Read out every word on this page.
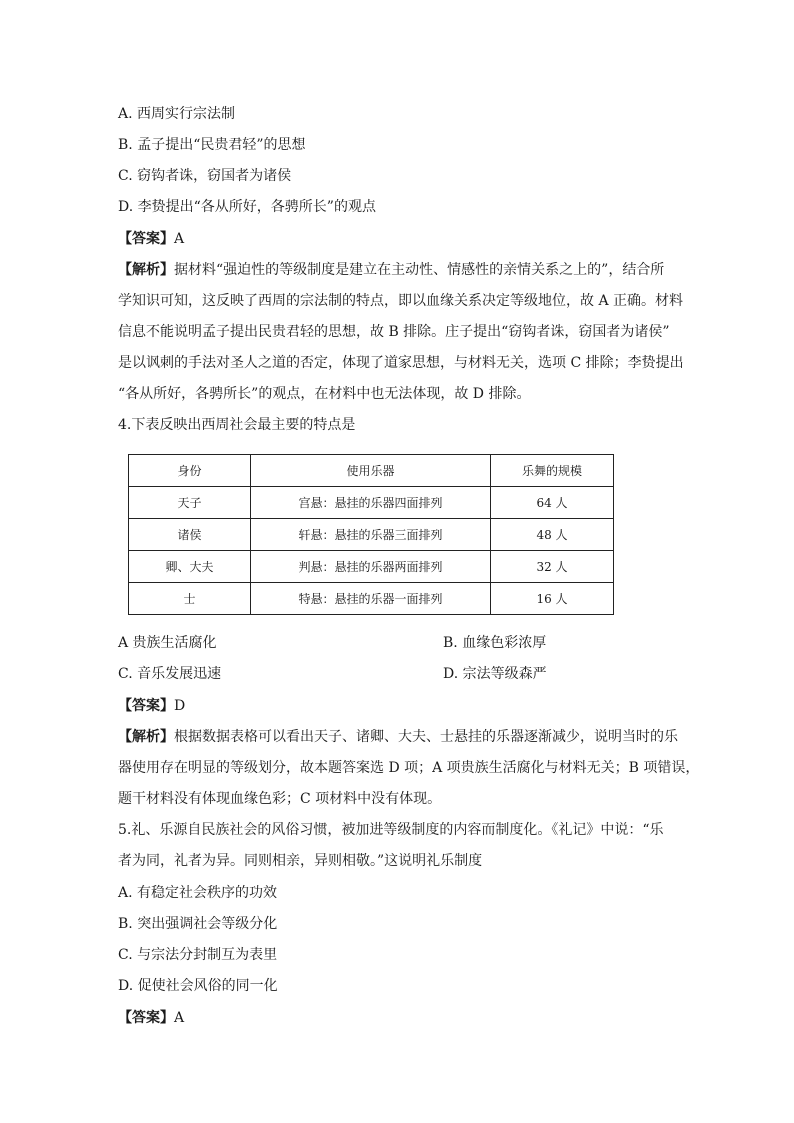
A. 西周实行宗法制
B. 孟子提出“民贵君轻”的思想
C. 窃钩者诛，窃国者为诸侯
D. 李贽提出“各从所好，各骋所长”的观点
【答案】A
【解析】据材料“强迫性的等级制度是建立在主动性、情感性的亲情关系之上的”，结合所
学知识可知，这反映了西周的宗法制的特点，即以血缘关系决定等级地位，故 A 正确。材料
信息不能说明孟子提出民贵君轻的思想，故 B 排除。庄子提出“窃钩者诛，窃国者为诸侯”
是以讽刺的手法对圣人之道的否定，体现了道家思想，与材料无关，选项 C 排除；李贽提出
“各从所好，各骋所长”的观点，在材料中也无法体现，故 D 排除。
4.下表反映出西周社会最主要的特点是
身份	使用乐器	乐舞的规模
天子	宫悬：悬挂的乐器四面排列	64 人
诸侯	轩悬：悬挂的乐器三面排列	48 人
卿、大夫	判悬：悬挂的乐器两面排列	32 人
士	特悬：悬挂的乐器一面排列	16 人
A 贵族生活腐化	B. 血缘色彩浓厚
C. 音乐发展迅速	D. 宗法等级森严
【答案】D
【解析】根据数据表格可以看出天子、诸卿、大夫、士悬挂的乐器逐渐减少，说明当时的乐
器使用存在明显的等级划分，故本题答案选 D 项；A 项贵族生活腐化与材料无关；B 项错误，
题干材料没有体现血缘色彩；C 项材料中没有体现。
5.礼、乐源自民族社会的风俗习惯，被加进等级制度的内容而制度化。《礼记》中说：“乐
者为同，礼者为异。同则相亲，异则相敬。”这说明礼乐制度
A. 有稳定社会秩序的功效
B. 突出强调社会等级分化
C. 与宗法分封制互为表里
D. 促使社会风俗的同一化
【答案】A
